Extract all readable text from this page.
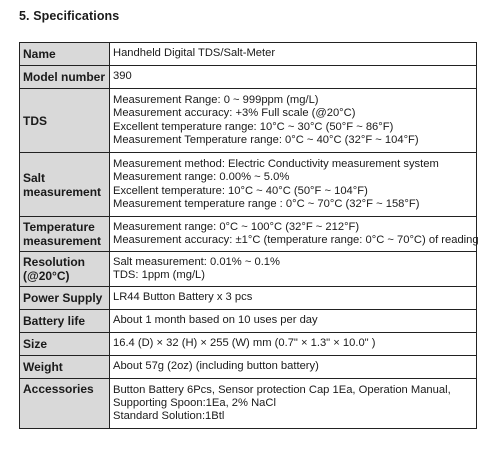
5. Specifications
Name	Handheld Digital TDS/Salt-Meter

Model number	390

TDS	Measurement Range: 0 ~ 999ppm (mg/L)
Measurement accuracy: +3% Full scale (@20°C)
Excellent temperature range: 10°C ~ 30°C (50°F ~ 86°F)
Measurement Temperature range: 0°C ~ 40°C (32°F ~ 104°F)

Salt measurement	Measurement method: Electric Conductivity measurement system
Measurement range: 0.00% ~ 5.0%
Excellent temperature: 10°C ~ 40°C (50°F ~ 104°F)
Measurement temperature range : 0°C ~ 70°C (32°F ~ 158°F)

Temperature measurement	Measurement range: 0°C ~ 100°C (32°F ~ 212°F)
Measurement accuracy: ±1°C (temperature range: 0°C ~ 70°C) of reading

Resolution (@20°C)	Salt measurement: 0.01% ~ 0.1%
TDS: 1ppm (mg/L)

Power Supply	LR44 Button Battery x 3 pcs

Battery life	About 1 month based on 10 uses per day

Size	16.4 (D) × 32 (H) × 255 (W) mm (0.7" × 1.3" × 10.0" )

Weight	About 57g (2oz) (including button battery)

Accessories	Button Battery 6Pcs, Sensor protection Cap 1Ea, Operation Manual,
Supporting Spoon:1Ea, 2% NaCl
Standard Solution:1Btl
